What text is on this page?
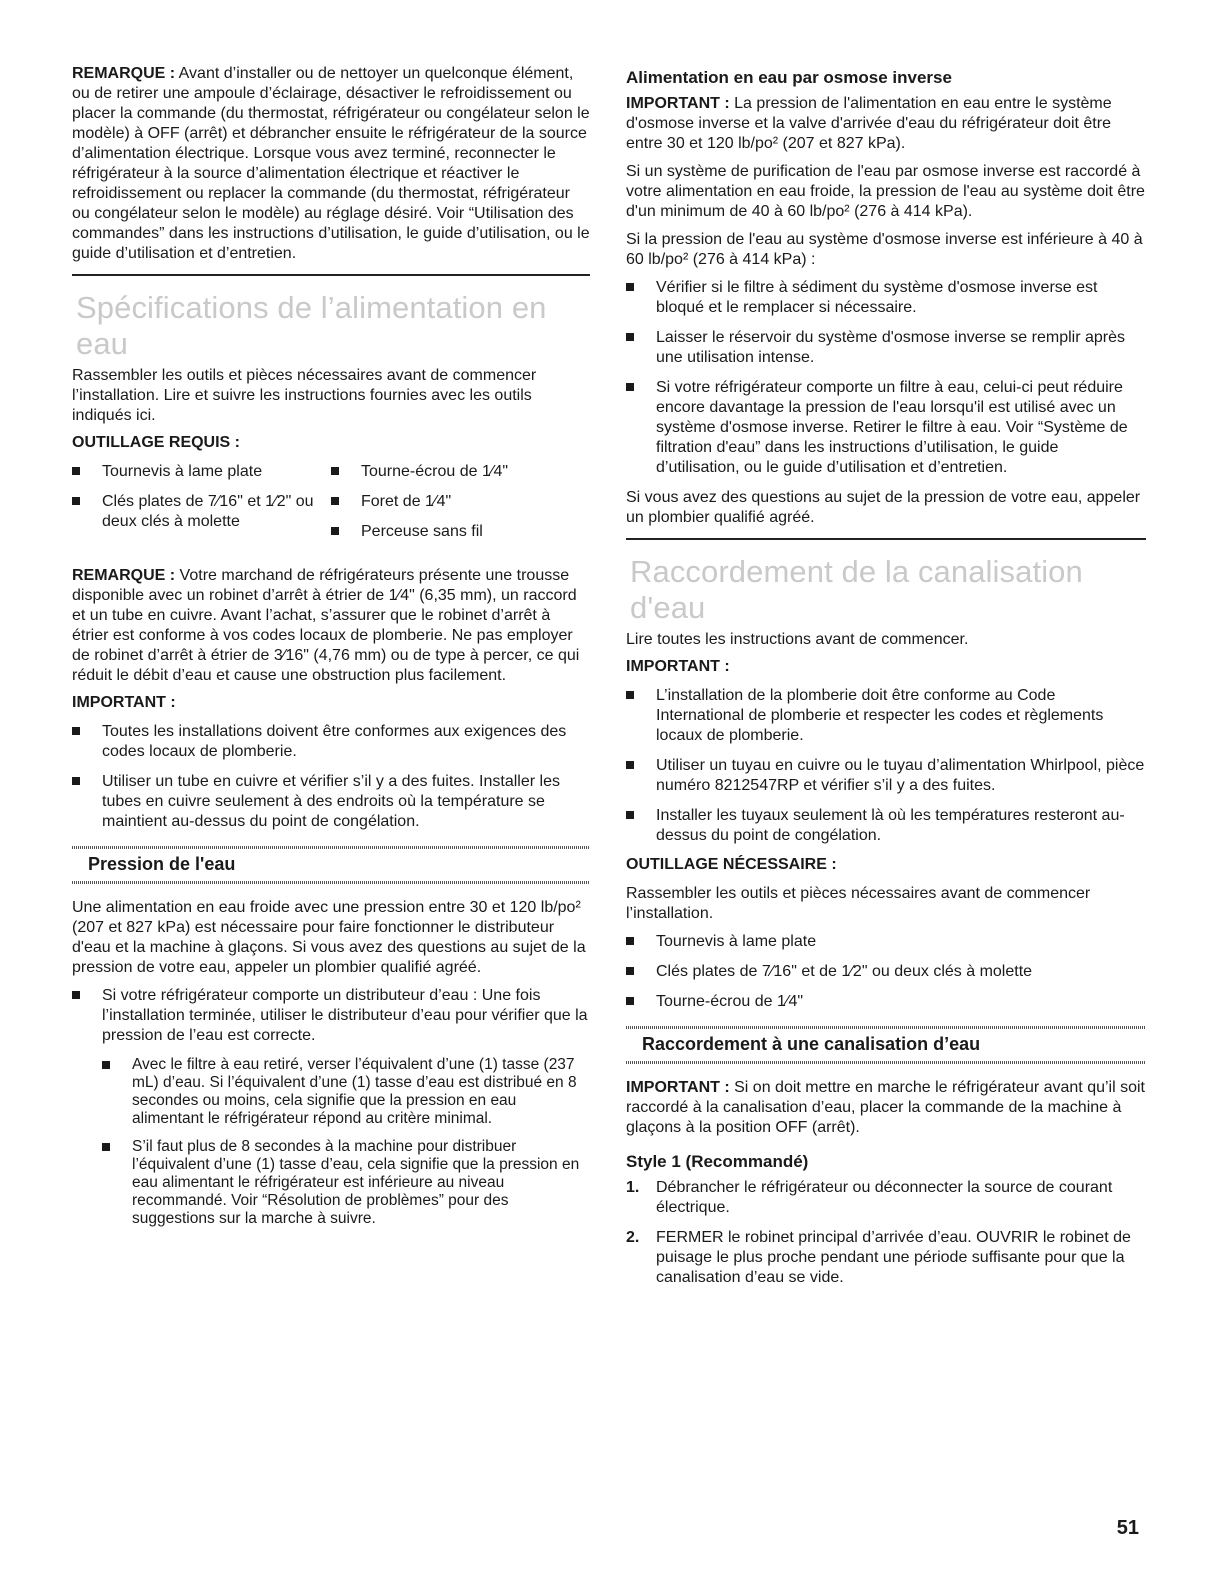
REMARQUE : Avant d’installer ou de nettoyer un quelconque élément, ou de retirer une ampoule d’éclairage, désactiver le refroidissement ou placer la commande (du thermostat, réfrigérateur ou congélateur selon le modèle) à OFF (arrêt) et débrancher ensuite le réfrigérateur de la source d’alimentation électrique. Lorsque vous avez terminé, reconnecter le réfrigérateur à la source d’alimentation électrique et réactiver le refroidissement ou replacer la commande (du thermostat, réfrigérateur ou congélateur selon le modèle) au réglage désiré. Voir “Utilisation des commandes” dans les instructions d’utilisation, le guide d’utilisation, ou le guide d’utilisation et d’entretien.

Spécifications de l’alimentation en eau

Rassembler les outils et pièces nécessaires avant de commencer l’installation. Lire et suivre les instructions fournies avec les outils indiqués ici.

OUTILLAGE REQUIS :
Tournevis à lame plate
Clés plates de 7⁄16" et 1⁄2" ou deux clés à molette
Tourne-écrou de 1⁄4"
Foret de 1⁄4"
Perceuse sans fil

REMARQUE : Votre marchand de réfrigérateurs présente une trousse disponible avec un robinet d’arrêt à étrier de 1⁄4" (6,35 mm), un raccord et un tube en cuivre. Avant l’achat, s’assurer que le robinet d’arrêt à étrier est conforme à vos codes locaux de plomberie. Ne pas employer de robinet d’arrêt à étrier de 3⁄16" (4,76 mm) ou de type à percer, ce qui réduit le débit d’eau et cause une obstruction plus facilement.

IMPORTANT :
Toutes les installations doivent être conformes aux exigences des codes locaux de plomberie.
Utiliser un tube en cuivre et vérifier s’il y a des fuites. Installer les tubes en cuivre seulement à des endroits où la température se maintient au-dessus du point de congélation.
Pression de l'eau

Une alimentation en eau froide avec une pression entre 30 et 120 lb/po² (207 et 827 kPa) est nécessaire pour faire fonctionner le distributeur d'eau et la machine à glaçons. Si vous avez des questions au sujet de la pression de votre eau, appeler un plombier qualifié agréé.

Si votre réfrigérateur comporte un distributeur d’eau : Une fois l’installation terminée, utiliser le distributeur d’eau pour vérifier que la pression de l’eau est correcte.
Avec le filtre à eau retiré, verser l’équivalent d’une (1) tasse (237 mL) d’eau. Si l’équivalent d’une (1) tasse d’eau est distribué en 8 secondes ou moins, cela signifie que la pression en eau alimentant le réfrigérateur répond au critère minimal.
S’il faut plus de 8 secondes à la machine pour distribuer l’équivalent d’une (1) tasse d’eau, cela signifie que la pression en eau alimentant le réfrigérateur est inférieure au niveau recommandé. Voir “Résolution de problèmes” pour des suggestions sur la marche à suivre.
Alimentation en eau par osmose inverse

IMPORTANT : La pression de l'alimentation en eau entre le système d'osmose inverse et la valve d'arrivée d'eau du réfrigérateur doit être entre 30 et 120 lb/po² (207 et 827 kPa).

Si un système de purification de l'eau par osmose inverse est raccordé à votre alimentation en eau froide, la pression de l'eau au système doit être d'un minimum de 40 à 60 lb/po² (276 à 414 kPa).

Si la pression de l'eau au système d'osmose inverse est inférieure à 40 à 60 lb/po² (276 à 414 kPa) :

Vérifier si le filtre à sédiment du système d'osmose inverse est bloqué et le remplacer si nécessaire.
Laisser le réservoir du système d'osmose inverse se remplir après une utilisation intense.
Si votre réfrigérateur comporte un filtre à eau, celui-ci peut réduire encore davantage la pression de l'eau lorsqu'il est utilisé avec un système d'osmose inverse. Retirer le filtre à eau. Voir “Système de filtration d'eau” dans les instructions d’utilisation, le guide d’utilisation, ou le guide d’utilisation et d’entretien.

Si vous avez des questions au sujet de la pression de votre eau, appeler un plombier qualifié agréé.

Raccordement de la canalisation d'eau

Lire toutes les instructions avant de commencer.

IMPORTANT :
L’installation de la plomberie doit être conforme au Code International de plomberie et respecter les codes et règlements locaux de plomberie.
Utiliser un tuyau en cuivre ou le tuyau d’alimentation Whirlpool, pièce numéro 8212547RP et vérifier s’il y a des fuites.
Installer les tuyaux seulement là où les températures resteront au-dessus du point de congélation.
OUTILLAGE NÉCESSAIRE :

Rassembler les outils et pièces nécessaires avant de commencer l’installation.

Tournevis à lame plate
Clés plates de 7⁄16" et de 1⁄2" ou deux clés à molette
Tourne-écrou de 1⁄4"
Raccordement à une canalisation d’eau

IMPORTANT : Si on doit mettre en marche le réfrigérateur avant qu’il soit raccordé à la canalisation d’eau, placer la commande de la machine à glaçons à la position OFF (arrêt).

Style 1 (Recommandé)
1. Débrancher le réfrigérateur ou déconnecter la source de courant électrique.
2. FERMER le robinet principal d’arrivée d’eau. OUVRIR le robinet de puisage le plus proche pendant une période suffisante pour que la canalisation d’eau se vide.
51
